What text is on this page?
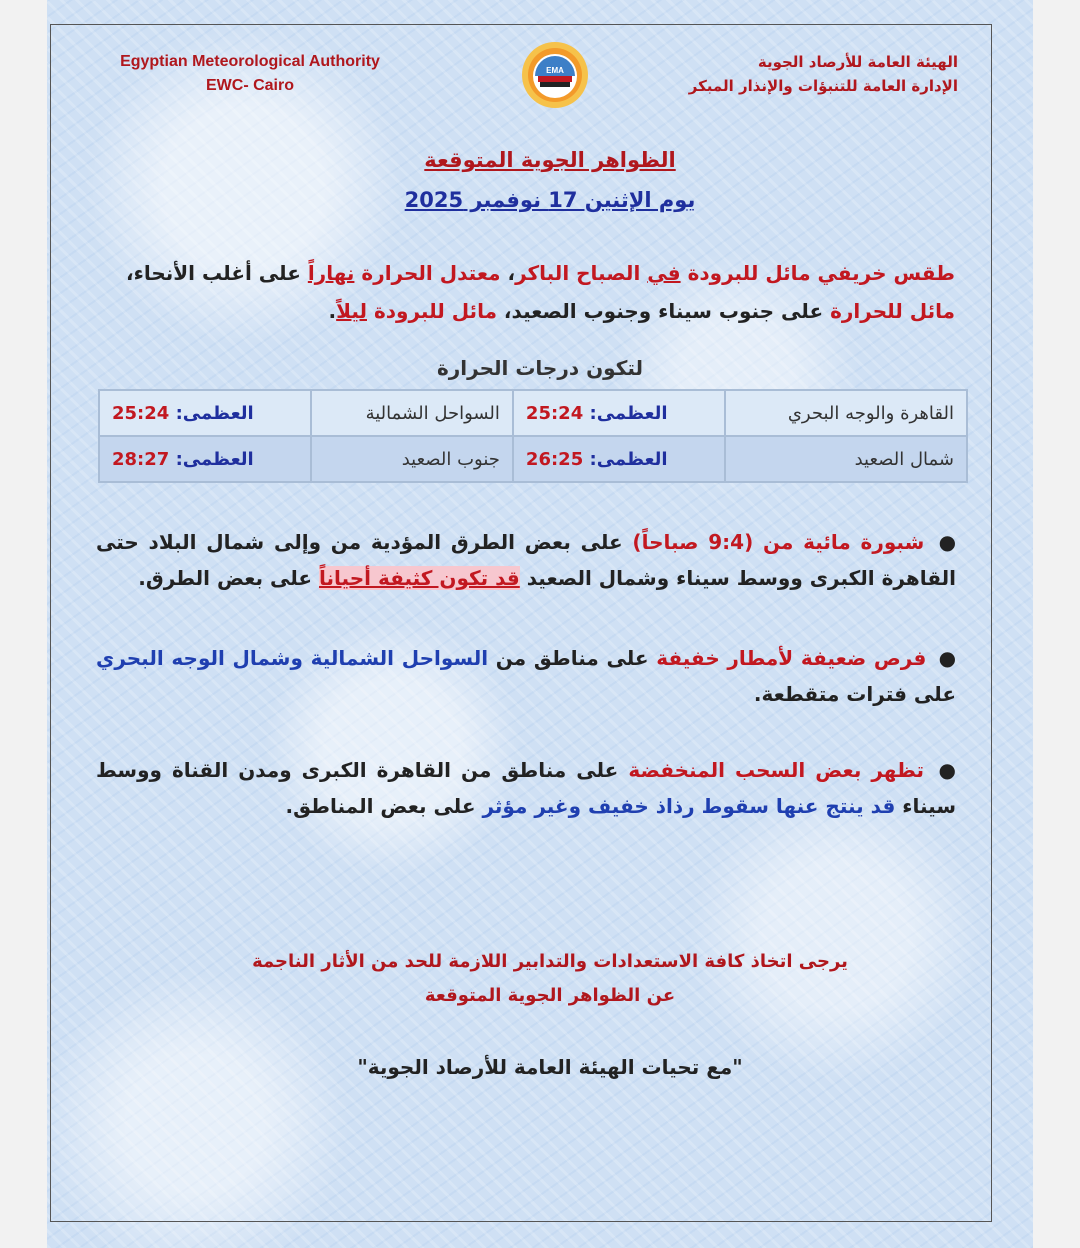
Egyptian Meteorological Authority
EWC- Cairo
EMA	الهيئة العامة للأرصاد الجوية
الإدارة العامة للتنبؤات والإنذار المبكر
الظواهر الجوية المتوقعة
يوم الإثنين 17 نوفمبر 2025
طقس خريفي مائل للبرودة في الصباح الباكر، معتدل الحرارة نهاراً على أغلب الأنحاء، مائل للحرارة على جنوب سيناء وجنوب الصعيد، مائل للبرودة ليلاً.
لتكون درجات الحرارة
القاهرة والوجه البحري	العظمى: 25:24	السواحل الشمالية	العظمى: 25:24
شمال الصعيد	العظمى: 26:25	جنوب الصعيد	العظمى: 28:27
● شبورة مائية من (9:4 صباحاً) على بعض الطرق المؤدية من وإلى شمال البلاد حتى القاهرة الكبرى ووسط سيناء وشمال الصعيد قد تكون كثيفة أحياناً على بعض الطرق.
● فرص ضعيفة لأمطار خفيفة على مناطق من السواحل الشمالية وشمال الوجه البحري على فترات متقطعة.
● تظهر بعض السحب المنخفضة على مناطق من القاهرة الكبرى ومدن القناة ووسط سيناء قد ينتج عنها سقوط رذاذ خفيف وغير مؤثر على بعض المناطق.
يرجى اتخاذ كافة الاستعدادات والتدابير اللازمة للحد من الأثار الناجمة
عن الظواهر الجوية المتوقعة
"مع تحيات الهيئة العامة للأرصاد الجوية"
